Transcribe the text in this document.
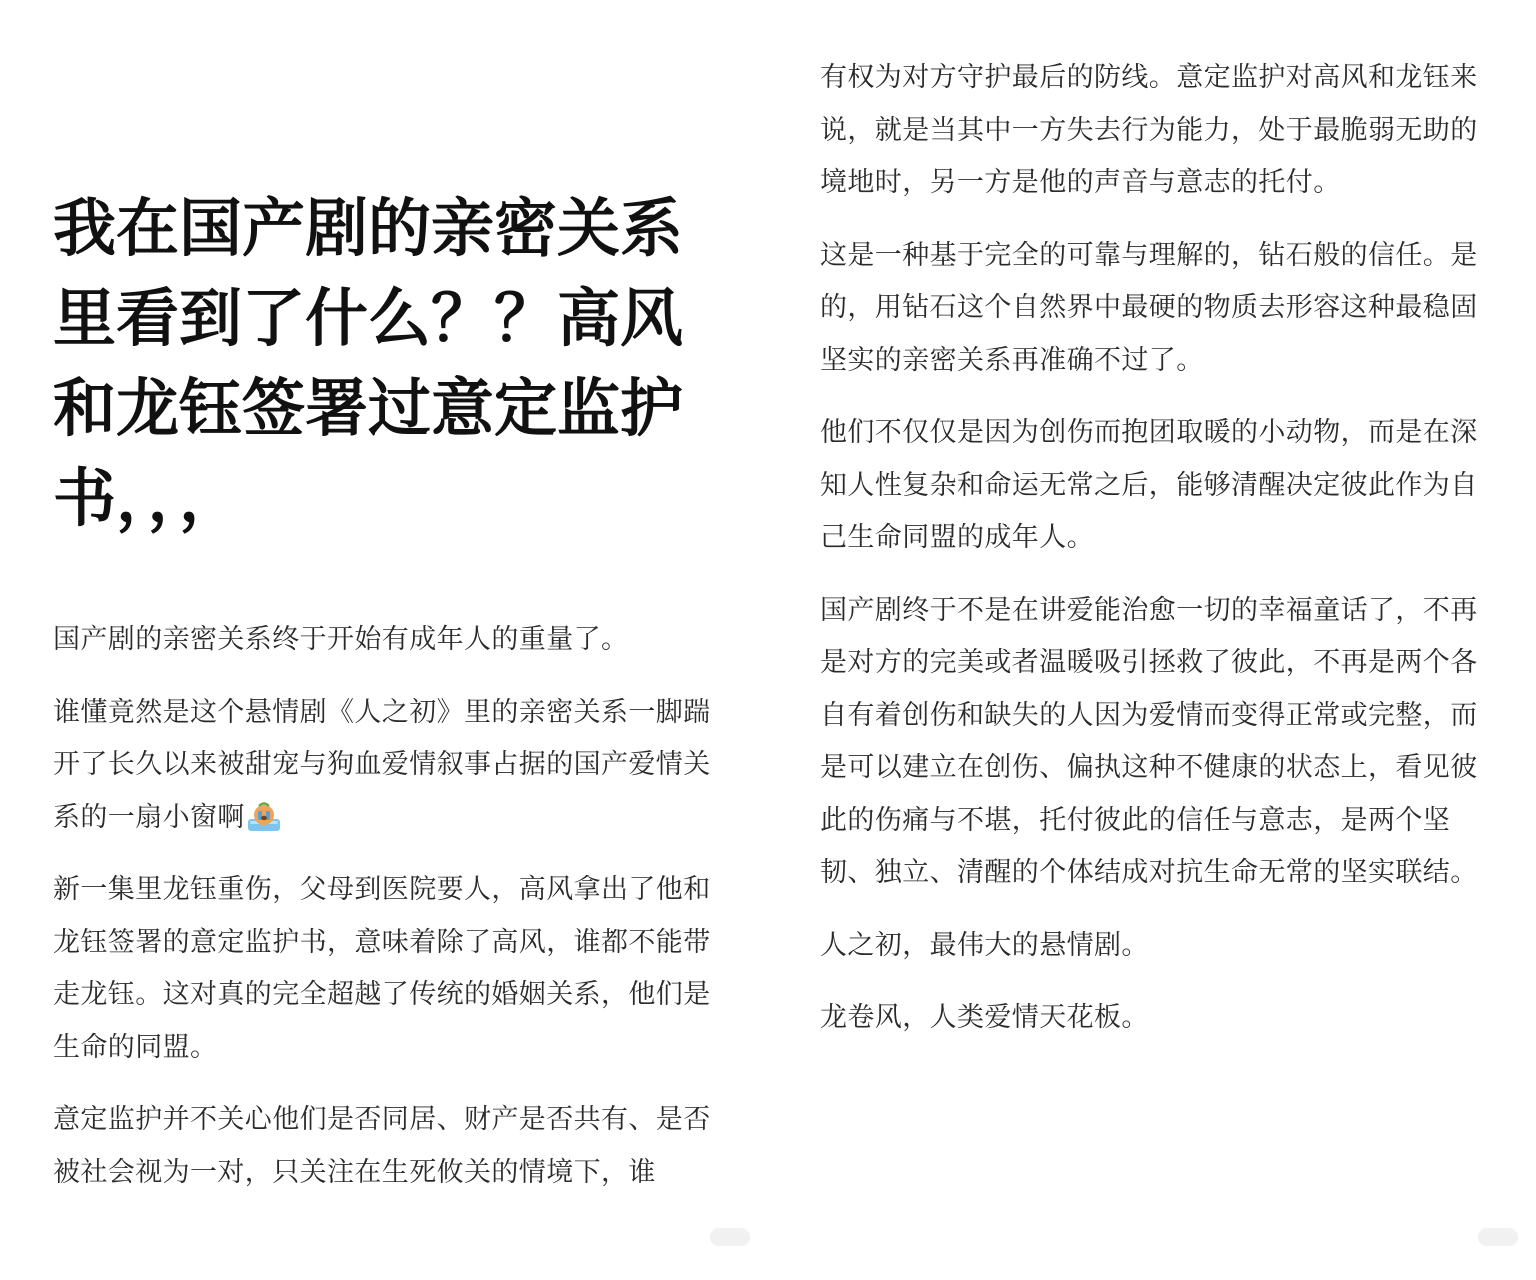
我在国产剧的亲密关系里看到了什么？？高风和龙钰签署过意定监护书，，，

国产剧的亲密关系终于开始有成年人的重量了。

谁懂竟然是这个悬情剧《人之初》里的亲密关系一脚踹开了长久以来被甜宠与狗血爱情叙事占据的国产爱情关系的一扇小窗啊

新一集里龙钰重伤，父母到医院要人，高风拿出了他和龙钰签署的意定监护书，意味着除了高风，谁都不能带走龙钰。这对真的完全超越了传统的婚姻关系，他们是生命的同盟。

意定监护并不关心他们是否同居、财产是否共有、是否被社会视为一对，只关注在生死攸关的情境下，谁

有权为对方守护最后的防线。意定监护对高风和龙钰来说，就是当其中一方失去行为能力，处于最脆弱无助的境地时，另一方是他的声音与意志的托付。

这是一种基于完全的可靠与理解的，钻石般的信任。是的，用钻石这个自然界中最硬的物质去形容这种最稳固坚实的亲密关系再准确不过了。

他们不仅仅是因为创伤而抱团取暖的小动物，而是在深知人性复杂和命运无常之后，能够清醒决定彼此作为自己生命同盟的成年人。

国产剧终于不是在讲爱能治愈一切的幸福童话了，不再是对方的完美或者温暖吸引拯救了彼此，不再是两个各自有着创伤和缺失的人因为爱情而变得正常或完整，而是可以建立在创伤、偏执这种不健康的状态上，看见彼此的伤痛与不堪，托付彼此的信任与意志，是两个坚韧、独立、清醒的个体结成对抗生命无常的坚实联结。

人之初，最伟大的悬情剧。

龙卷风，人类爱情天花板。
